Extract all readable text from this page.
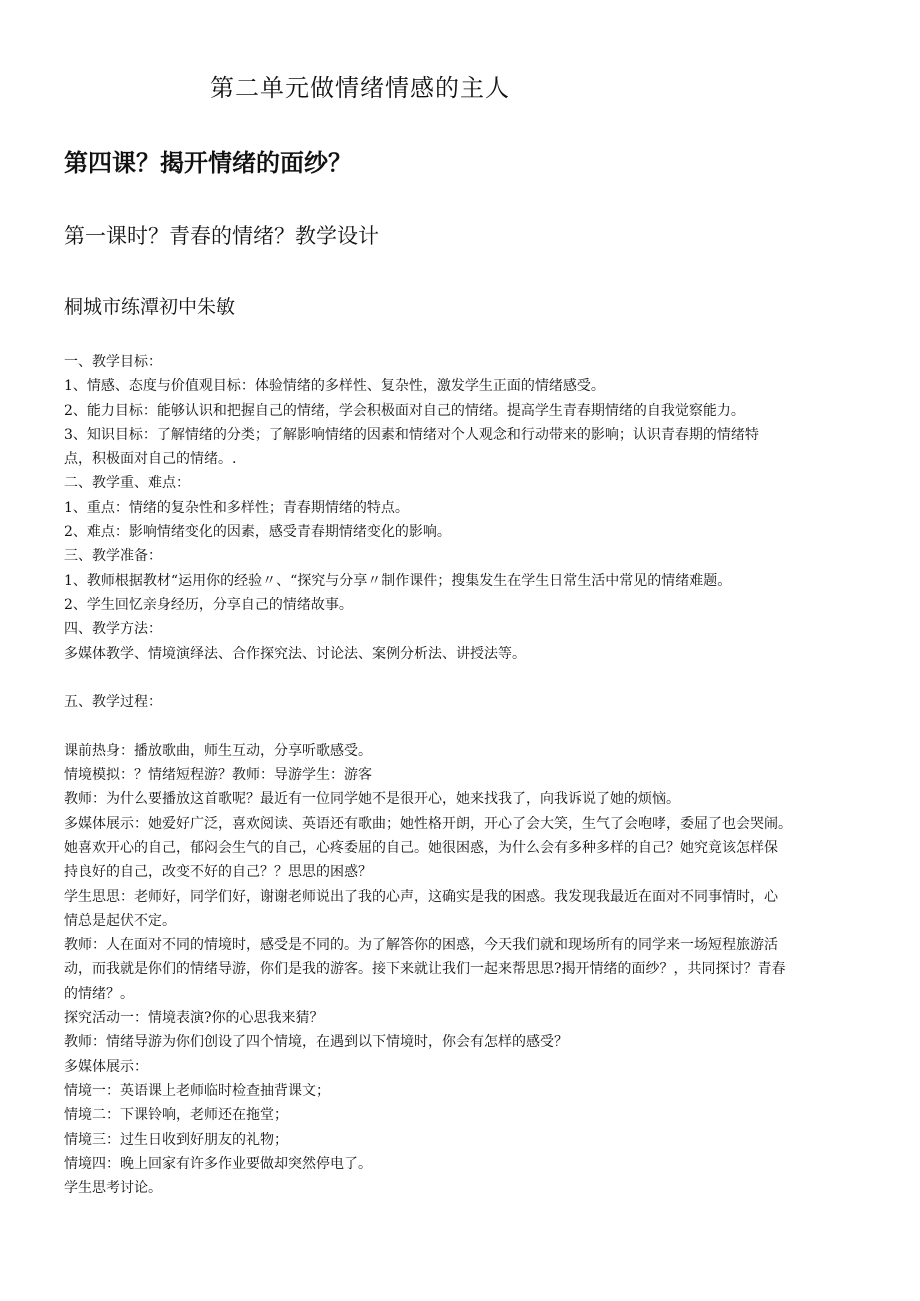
第二单元做情绪情感的主人
第四课？揭开情绪的面纱？
第一课时？青春的情绪？教学设计
桐城市练潭初中朱敏
一、教学目标：
1、情感、态度与价值观目标：体验情绪的多样性、复杂性，激发学生正面的情绪感受。
2、能力目标：能够认识和把握自己的情绪，学会积极面对自己的情绪。提高学生青春期情绪的自我觉察能力。
3、知识目标：了解情绪的分类；了解影响情绪的因素和情绪对个人观念和行动带来的影响；认识青春期的情绪特
点，积极面对自己的情绪。.
二、教学重、难点：
1、重点：情绪的复杂性和多样性；青春期情绪的特点。
2、难点：影响情绪变化的因素，感受青春期情绪变化的影响。
三、教学准备：
1、教师根据教材“运用你的经验〃、“探究与分享〃制作课件；搜集发生在学生日常生活中常见的情绪难题。
2、学生回忆亲身经历，分享自己的情绪故事。
四、教学方法：
多媒体教学、情境演绎法、合作探究法、讨论法、案例分析法、讲授法等。
五、教学过程：
课前热身：播放歌曲，师生互动，分享听歌感受。
情境模拟：？情绪短程游？教师：导游学生：游客
教师：为什么要播放这首歌呢？最近有一位同学她不是很开心，她来找我了，向我诉说了她的烦恼。
多媒体展示：她爱好广泛，喜欢阅读、英语还有歌曲；她性格开朗，开心了会大笑，生气了会咆哮，委屈了也会哭闹。
她喜欢开心的自己，郁闷会生气的自己，心疼委屈的自己。她很困惑，为什么会有多种多样的自己？她究竟该怎样保
持良好的自己，改变不好的自己？？思思的困惑？
学生思思：老师好，同学们好，谢谢老师说出了我的心声，这确实是我的困惑。我发现我最近在面对不同事情时，心
情总是起伏不定。
教师：人在面对不同的情境时，感受是不同的。为了解答你的困惑，今天我们就和现场所有的同学来一场短程旅游活
动，而我就是你们的情绪导游，你们是我的游客。接下来就让我们一起来帮思思?揭开情绪的面纱？，共同探讨？青春
的情绪？。
探究活动一：情境表演?你的心思我来猜？
教师：情绪导游为你们创设了四个情境，在遇到以下情境时，你会有怎样的感受？
多媒体展示：
情境一：英语课上老师临时检查抽背课文；
情境二：下课铃响，老师还在拖堂；
情境三：过生日收到好朋友的礼物；
情境四：晚上回家有许多作业要做却突然停电了。
学生思考讨论。
